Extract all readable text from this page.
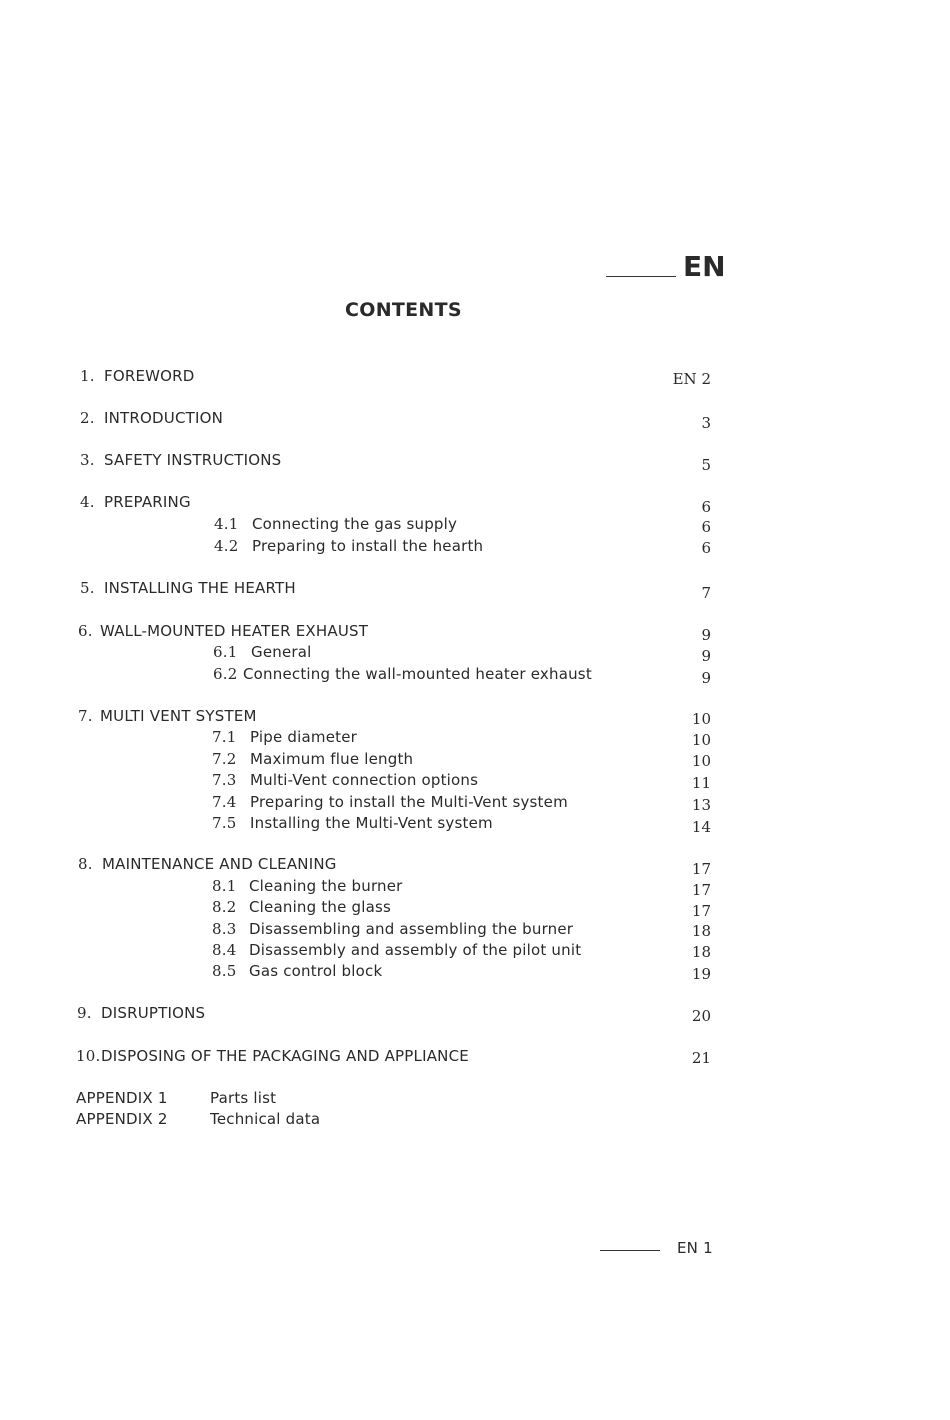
EN
CONTENTS
1. FOREWORD	EN 2
2. INTRODUCTION	3
3. SAFETY INSTRUCTIONS	5
4. PREPARING	6
4.1 Connecting the gas supply	6
4.2 Preparing to install the hearth	6
5. INSTALLING THE HEARTH	7
6. WALL-MOUNTED HEATER EXHAUST	9
6.1 General	9
6.2 Connecting the wall-mounted heater exhaust	9
7. MULTI VENT SYSTEM	10
7.1 Pipe diameter	10
7.2 Maximum flue length	10
7.3 Multi-Vent connection options	11
7.4 Preparing to install the Multi-Vent system	13
7.5 Installing the Multi-Vent system	14
8. MAINTENANCE AND CLEANING	17
8.1 Cleaning the burner	17
8.2 Cleaning the glass	17
8.3 Disassembling and assembling the burner	18
8.4 Disassembly and assembly of the pilot unit	18
8.5 Gas control block	19
9. DISRUPTIONS	20
10. DISPOSING OF THE PACKAGING AND APPLIANCE	21
APPENDIX 1	Parts list
APPENDIX 2	Technical data
EN 1
